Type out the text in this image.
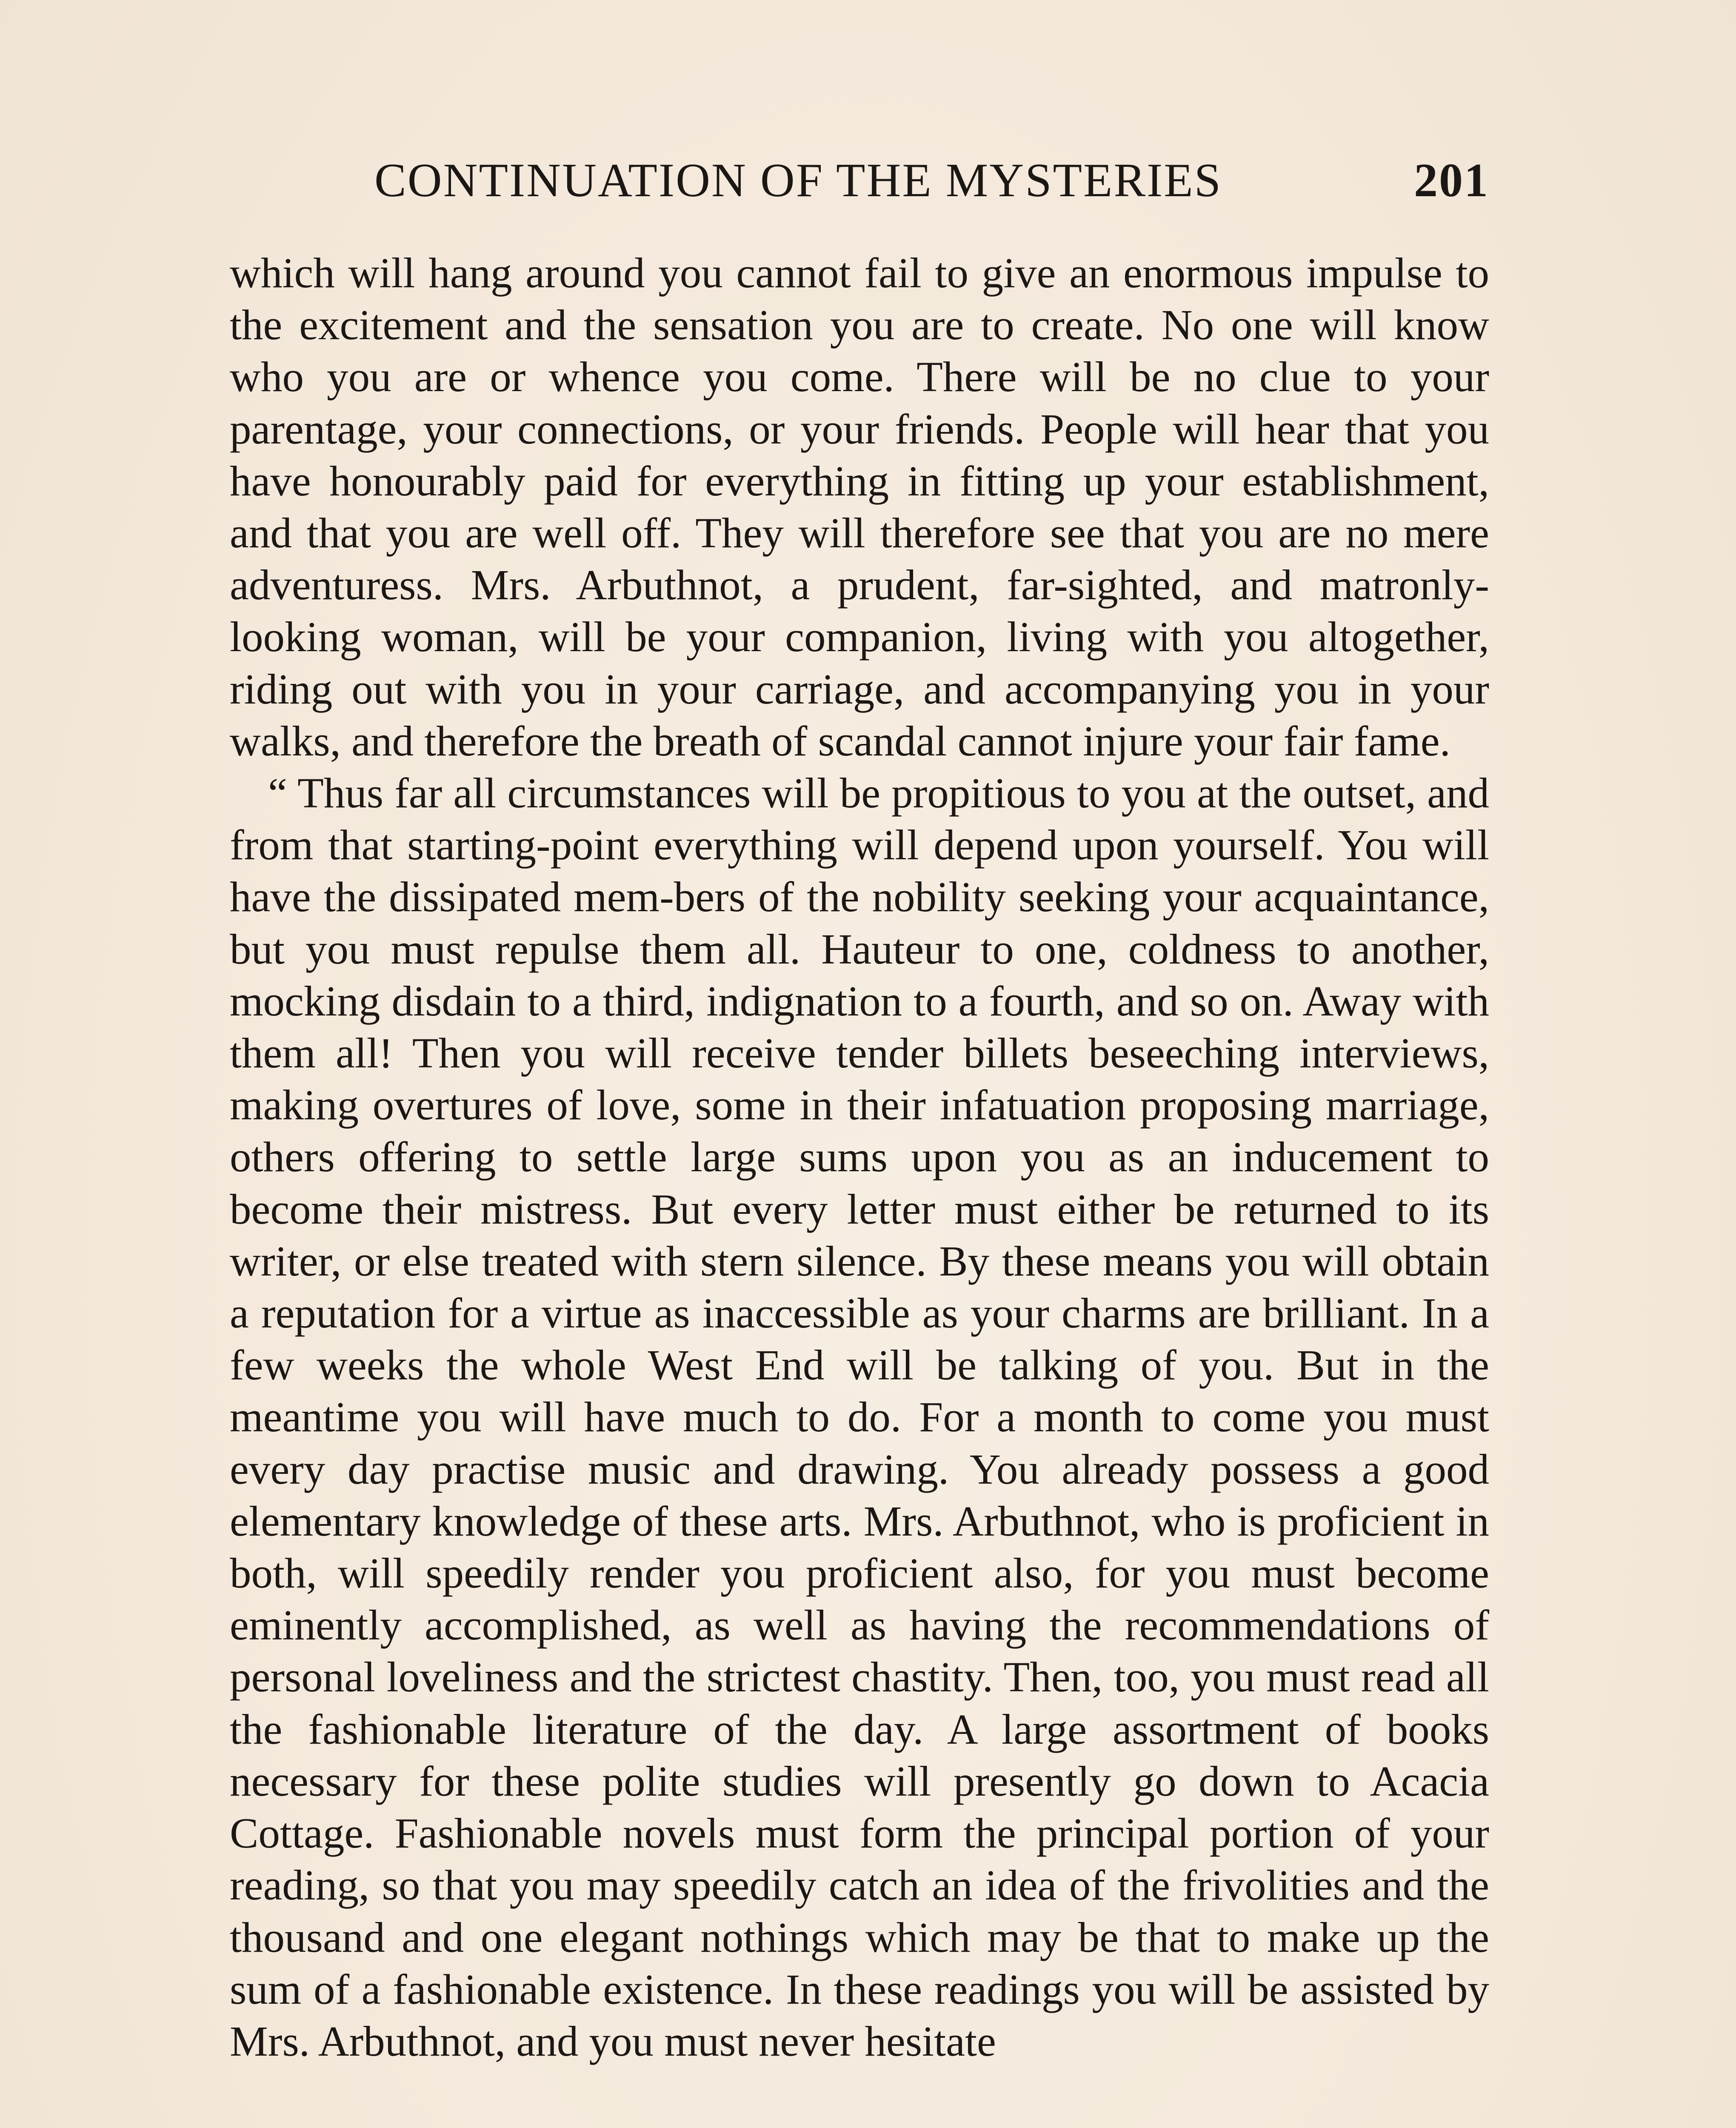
CONTINUATION OF THE MYSTERIES	201

which will hang around you cannot fail to give an enormous impulse to the excitement and the sensation you are to create. No one will know who you are or whence you come. There will be no clue to your parentage, your connections, or your friends. People will hear that you have honourably paid for everything in fitting up your establishment, and that you are well off. They will therefore see that you are no mere adventuress. Mrs. Arbuthnot, a prudent, far-sighted, and matronly-looking woman, will be your companion, living with you altogether, riding out with you in your carriage, and accompanying you in your walks, and therefore the breath of scandal cannot injure your fair fame.

“ Thus far all circumstances will be propitious to you at the outset, and from that starting-point everything will depend upon yourself. You will have the dissipated mem-bers of the nobility seeking your acquaintance, but you must repulse them all. Hauteur to one, coldness to another, mocking disdain to a third, indignation to a fourth, and so on. Away with them all! Then you will receive tender billets beseeching interviews, making overtures of love, some in their infatuation proposing marriage, others offering to settle large sums upon you as an inducement to become their mistress. But every letter must either be returned to its writer, or else treated with stern silence. By these means you will obtain a reputation for a virtue as inaccessible as your charms are brilliant. In a few weeks the whole West End will be talking of you. But in the meantime you will have much to do. For a month to come you must every day practise music and drawing. You already possess a good elementary knowledge of these arts. Mrs. Arbuthnot, who is proficient in both, will speedily render you proficient also, for you must become eminently accomplished, as well as having the recommendations of personal loveliness and the strictest chastity. Then, too, you must read all the fashionable literature of the day. A large assortment of books necessary for these polite studies will presently go down to Acacia Cottage. Fashionable novels must form the principal portion of your reading, so that you may speedily catch an idea of the frivolities and the thousand and one elegant nothings which may be that to make up the sum of a fashionable existence. In these readings you will be assisted by Mrs. Arbuthnot, and you must never hesitate
